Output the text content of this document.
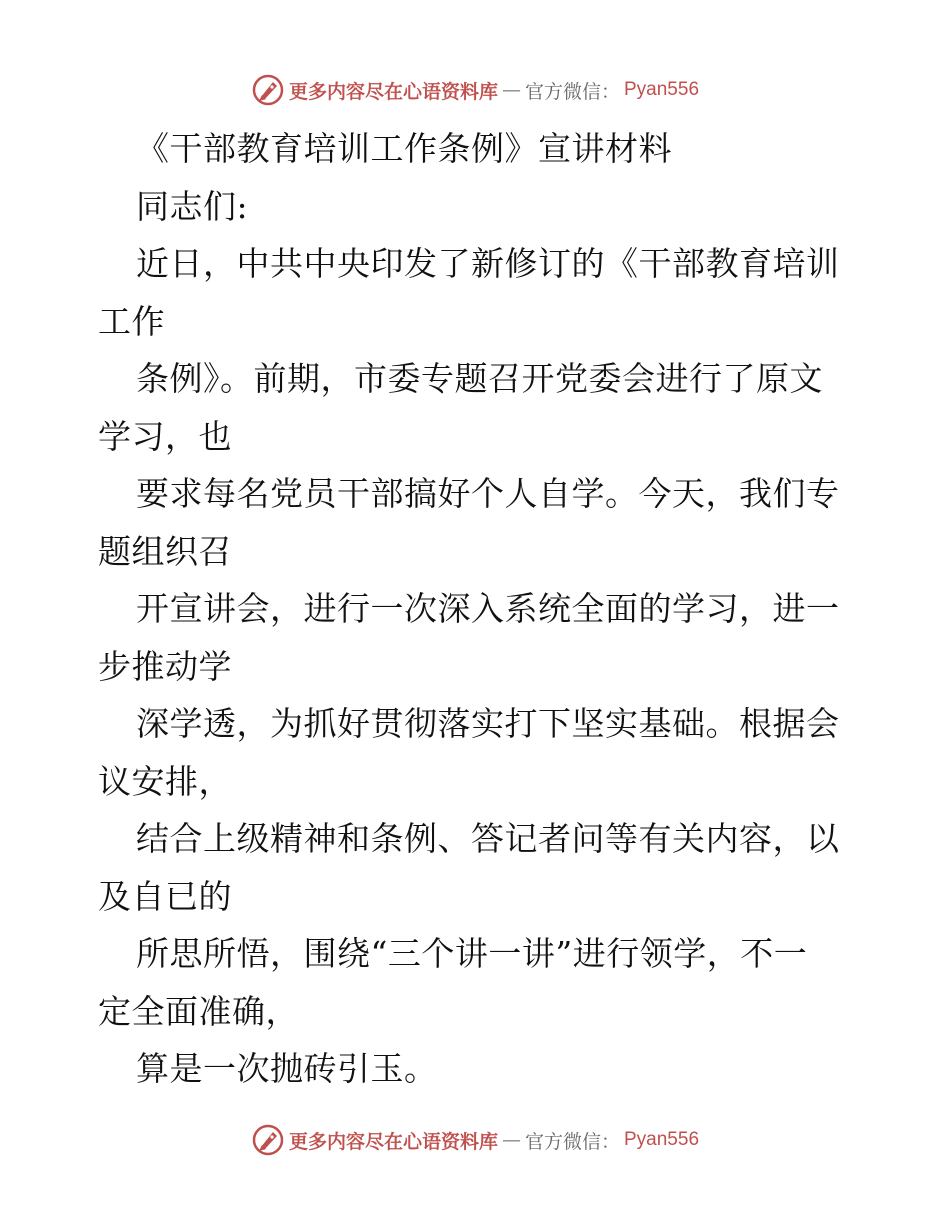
更多内容尽在心语资料库 — 官方微信： Pyan556
《干部教育培训工作条例》宣讲材料
同志们:
近日，中共中央印发了新修订的《干部教育培训
工作
条例》。前期，市委专题召开党委会进行了原文
学习，也
要求每名党员干部搞好个人自学。今天，我们专
题组织召
开宣讲会，进行一次深入系统全面的学习，进一
步推动学
深学透，为抓好贯彻落实打下坚实基础。根据会
议安排，
结合上级精神和条例、答记者问等有关内容，以
及自已的
所思所悟，围绕“三个讲一讲”进行领学，不一
定全面准确，
算是一次抛砖引玉。
更多内容尽在心语资料库 — 官方微信： Pyan556
